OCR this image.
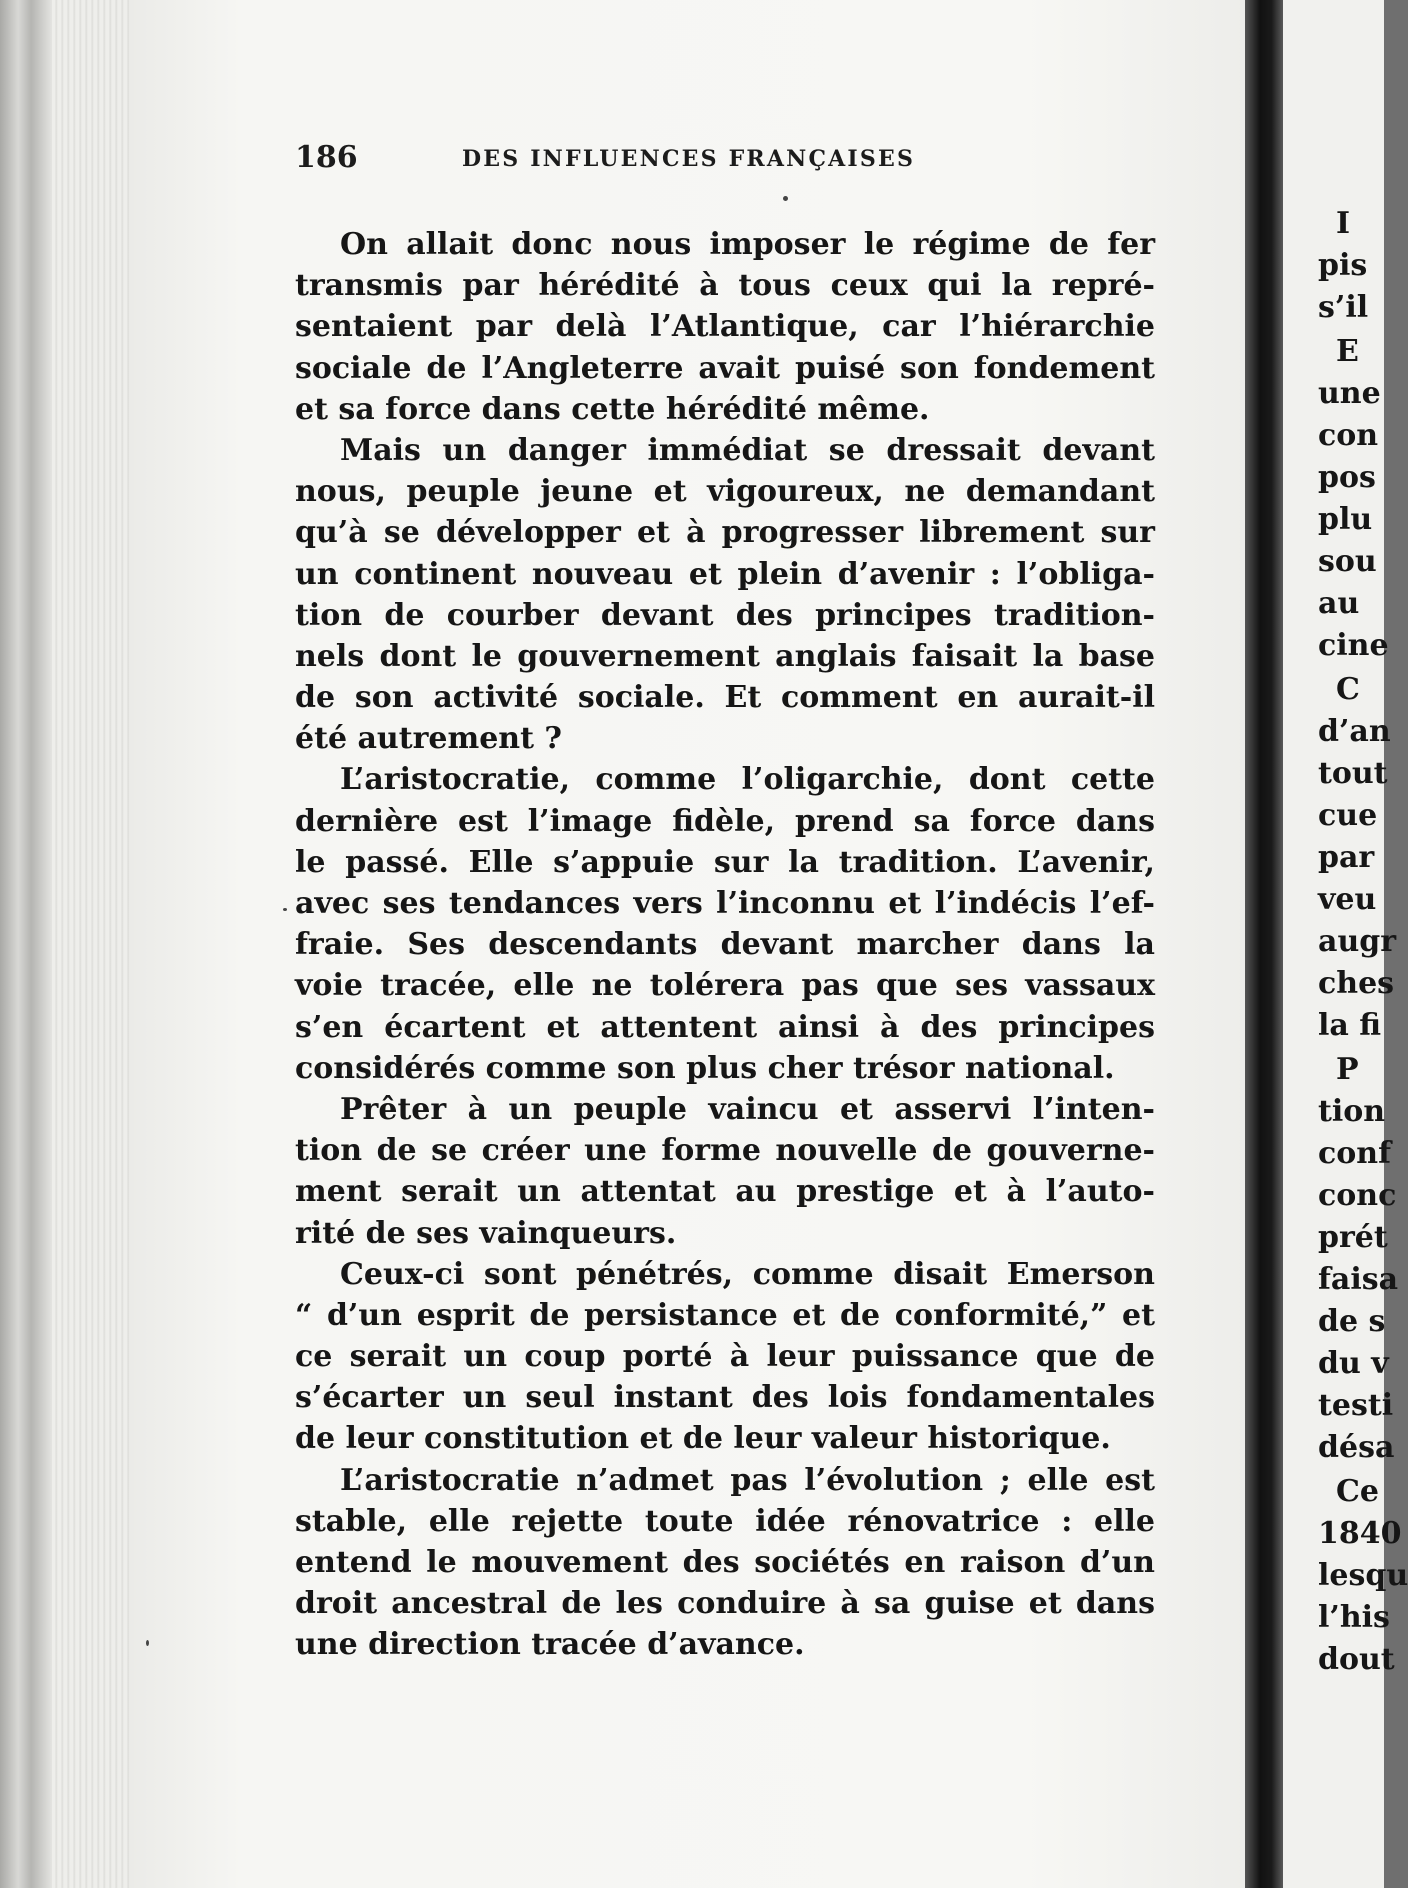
186	DES INFLUENCES FRANÇAISES
On allait donc nous imposer le régime de fer
transmis par hérédité à tous ceux qui la repré-
sentaient par delà l’Atlantique, car l’hiérarchie
sociale de l’Angleterre avait puisé son fondement
et sa force dans cette hérédité même.
Mais un danger immédiat se dressait devant
nous, peuple jeune et vigoureux, ne demandant
qu’à se développer et à progresser librement sur
un continent nouveau et plein d’avenir : l’obliga-
tion de courber devant des principes tradition-
nels dont le gouvernement anglais faisait la base
de son activité sociale. Et comment en aurait-il
été autrement ?
L’aristocratie, comme l’oligarchie, dont cette
dernière est l’image fidèle, prend sa force dans
le passé. Elle s’appuie sur la tradition. L’avenir,
avec ses tendances vers l’inconnu et l’indécis l’ef-
fraie. Ses descendants devant marcher dans la
voie tracée, elle ne tolérera pas que ses vassaux
s’en écartent et attentent ainsi à des principes
considérés comme son plus cher trésor national.
Prêter à un peuple vaincu et asservi l’inten-
tion de se créer une forme nouvelle de gouverne-
ment serait un attentat au prestige et à l’auto-
rité de ses vainqueurs.
Ceux-ci sont pénétrés, comme disait Emerson
“ d’un esprit de persistance et de conformité,” et
ce serait un coup porté à leur puissance que de
s’écarter un seul instant des lois fondamentales
de leur constitution et de leur valeur historique.
L’aristocratie n’admet pas l’évolution ; elle est
stable, elle rejette toute idée rénovatrice : elle
entend le mouvement des sociétés en raison d’un
droit ancestral de les conduire à sa guise et dans
une direction tracée d’avance.
I
pis
s’il
E
une
con
pos
plu
sou
au
cine
C
d’an
tout
cue
par
veu
augr
ches
la fi
P
tion
conf
conc
prét
faisa
de s
du v
testi
désa
Ce
1840
lesqu
l’his
dout
